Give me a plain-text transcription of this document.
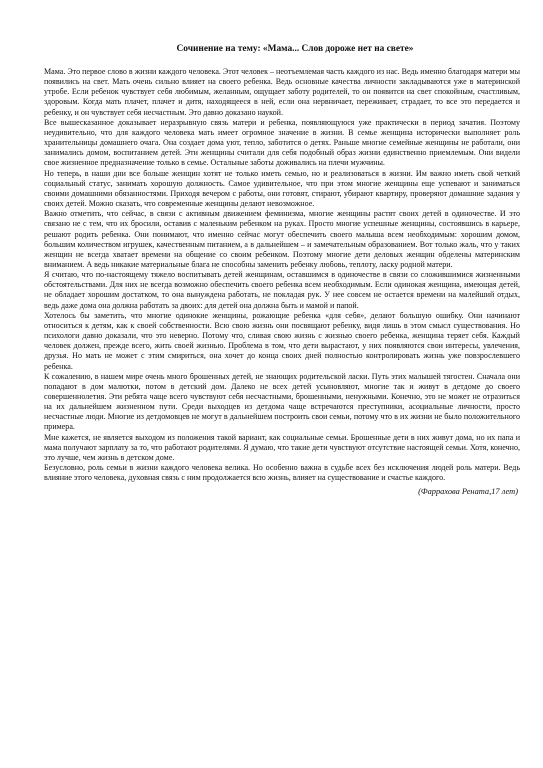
Сочинение на тему: «Мама... Слов дороже нет на свете»

Мама. Это первое слово в жизни каждого человека. Этот человек – неотъемлемая часть каждого из нас. Ведь именно благодаря матери мы появились на свет. Мать очень сильно влияет на своего ребенка. Ведь основные качества личности закладываются уже в материнской утробе. Если ребенок чувствует себя любимым, желанным, ощущает заботу родителей, то он появится на свет спокойным, счастливым, здоровым. Когда мать плачет, плачет и дитя, находящееся в ней, если она нервничает, переживает, страдает, то все это передается и ребенку, и он чувствует себя несчастным. Это давно доказано наукой.

Все вышесказанное доказывает неразрывную связь матери и ребенка, появляющуюся уже практически в период зачатия. Поэтому неудивительно, что для каждого человека мать имеет огромное значение в жизни. В семье женщина исторически выполняет роль хранительницы домашнего очага. Она создает дома уют, тепло, заботится о детях. Раньше многие семейные женщины не работали, они занимались домом, воспитанием детей. Эти женщины считали для себя подобный образ жизни единственно приемлемым. Они видели свое жизненное предназначение только в семье. Остальные заботы доживались на плечи мужчины.

Но теперь, в наши дни все больше женщин хотят не только иметь семью, но и реализоваться в жизни. Им важно иметь свой четкий социальный статус, занимать хорошую должность. Самое удивительное, что при этом многие женщины еще успевают и заниматься своими домашними обязанностями. Приходя вечером с работы, они готовят, стирают, убирают квартиру, проверяют домашние задания у своих детей. Можно сказать, что современные женщины делают невозможное.

Важно отметить, что сейчас, в связи с активным движением феминизма, многие женщины растят своих детей в одиночестве. И это связано не с тем, что их бросили, оставив с маленьким ребенком на руках. Просто многие успешные женщины, состоявшись в карьере, решают родить ребенка. Они понимают, что именно сейчас могут обеспечить своего малыша всем необходимым: хорошим домом, большим количеством игрушек, качественным питанием, а в дальнейшем – и замечательным образованием. Вот только жаль, что у таких женщин не всегда хватает времени на общение со своим ребенком. Поэтому многие дети деловых женщин обделены материнским вниманием. А ведь никакие материальные блага не способны заменить ребенку любовь, теплоту, ласку родной матери.

Я считаю, что по-настоящему тяжело воспитывать детей женщинам, оставшимся в одиночестве в связи со сложившимися жизненными обстоятельствами. Для них не всегда возможно обеспечить своего ребенка всем необходимым. Если одинокая женщина, имеющая детей, не обладает хорошим достатком, то она вынуждена работать, не покладая рук. У нее совсем не остается времени на малейший отдых, ведь даже дома она должна работать за двоих: для детей она должна быть и мамой и папой.

Хотелось бы заметить, что многие одинокие женщины, рожающие ребенка «для себя», делают большую ошибку. Они начинают относиться к детям, как к своей собственности. Всю свою жизнь они посвящают ребенку, видя лишь в этом смысл существования. Но психологи давно доказали, что это неверно. Потому что, сливая свою жизнь с жизнью своего ребенка, женщина теряет себя. Каждый человек должен, прежде всего, жить своей жизнью. Проблема в том, что дети вырастают, у них появляются свои интересы, увлечения, друзья. Но мать не может с этим смириться, она хочет до конца своих дней полностью контролировать жизнь уже повзрослевшего ребенка.

К сожалению, в нашем мире очень много брошенных детей, не знающих родительской ласки. Путь этих малышей тягостен. Сначала они попадают в дом малютки, потом в детский дом. Далеко не всех детей усыновляют, многие так и живут в детдоме до своего совершеннолетия. Эти ребята чаще всего чувствуют себя несчастными, брошенными, ненужными. Конечно, это не может не отразиться на их дальнейшем жизненном пути. Среди выходцев из детдома чаще встречаются преступники, асоциальные личности, просто несчастные люди. Многие из детдомовцев не могут в дальнейшем построить свои семьи, потому что в их жизни не было положительного примера.

Мне кажется, не является выходом из положения такой вариант, как социальные семьи. Брошенные дети в них живут дома, но их папа и мама получают зарплату за то, что работают родителями. Я думаю, что такие дети чувствуют отсутствие настоящей семьи. Хотя, конечно, это лучше, чем жизнь в детском доме.

Безусловно, роль семьи в жизни каждого человека велика. Но особенно важна в судьбе всех без исключения людей роль матери. Ведь влияние этого человека, духовная связь с ним продолжается всю жизнь, влияет на существование и счастье каждого.

(Фаррахова Рената,17 лет)
